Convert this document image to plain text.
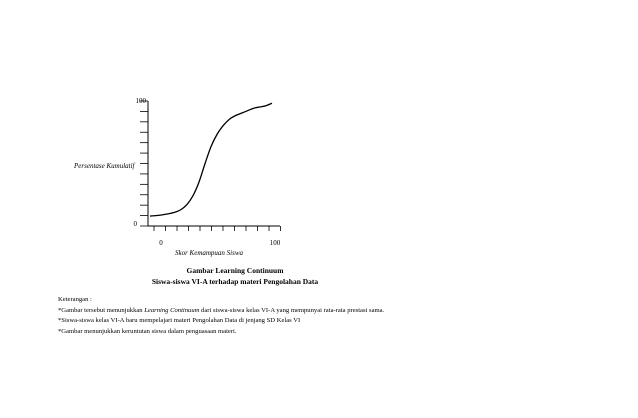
100
0
0	100
Persentase Kumulatif
Skor Kemampuan Siswa
Gambar Learning Continuum
Siswa-siswa VI-A terhadap materi Pengolahan Data
Keterangan :
*Gambar tersebut menunjukkan Learning Continuum dari siswa-siswa kelas VI-A yang mempunyai rata-rata prestasi sama.
*Siswa-siswa kelas VI-A baru mempelajari materi Pengolahan Data di jenjang SD Kelas VI
*Gambar menunjukkan keruntutan siswa dalam penguasaan materi.
